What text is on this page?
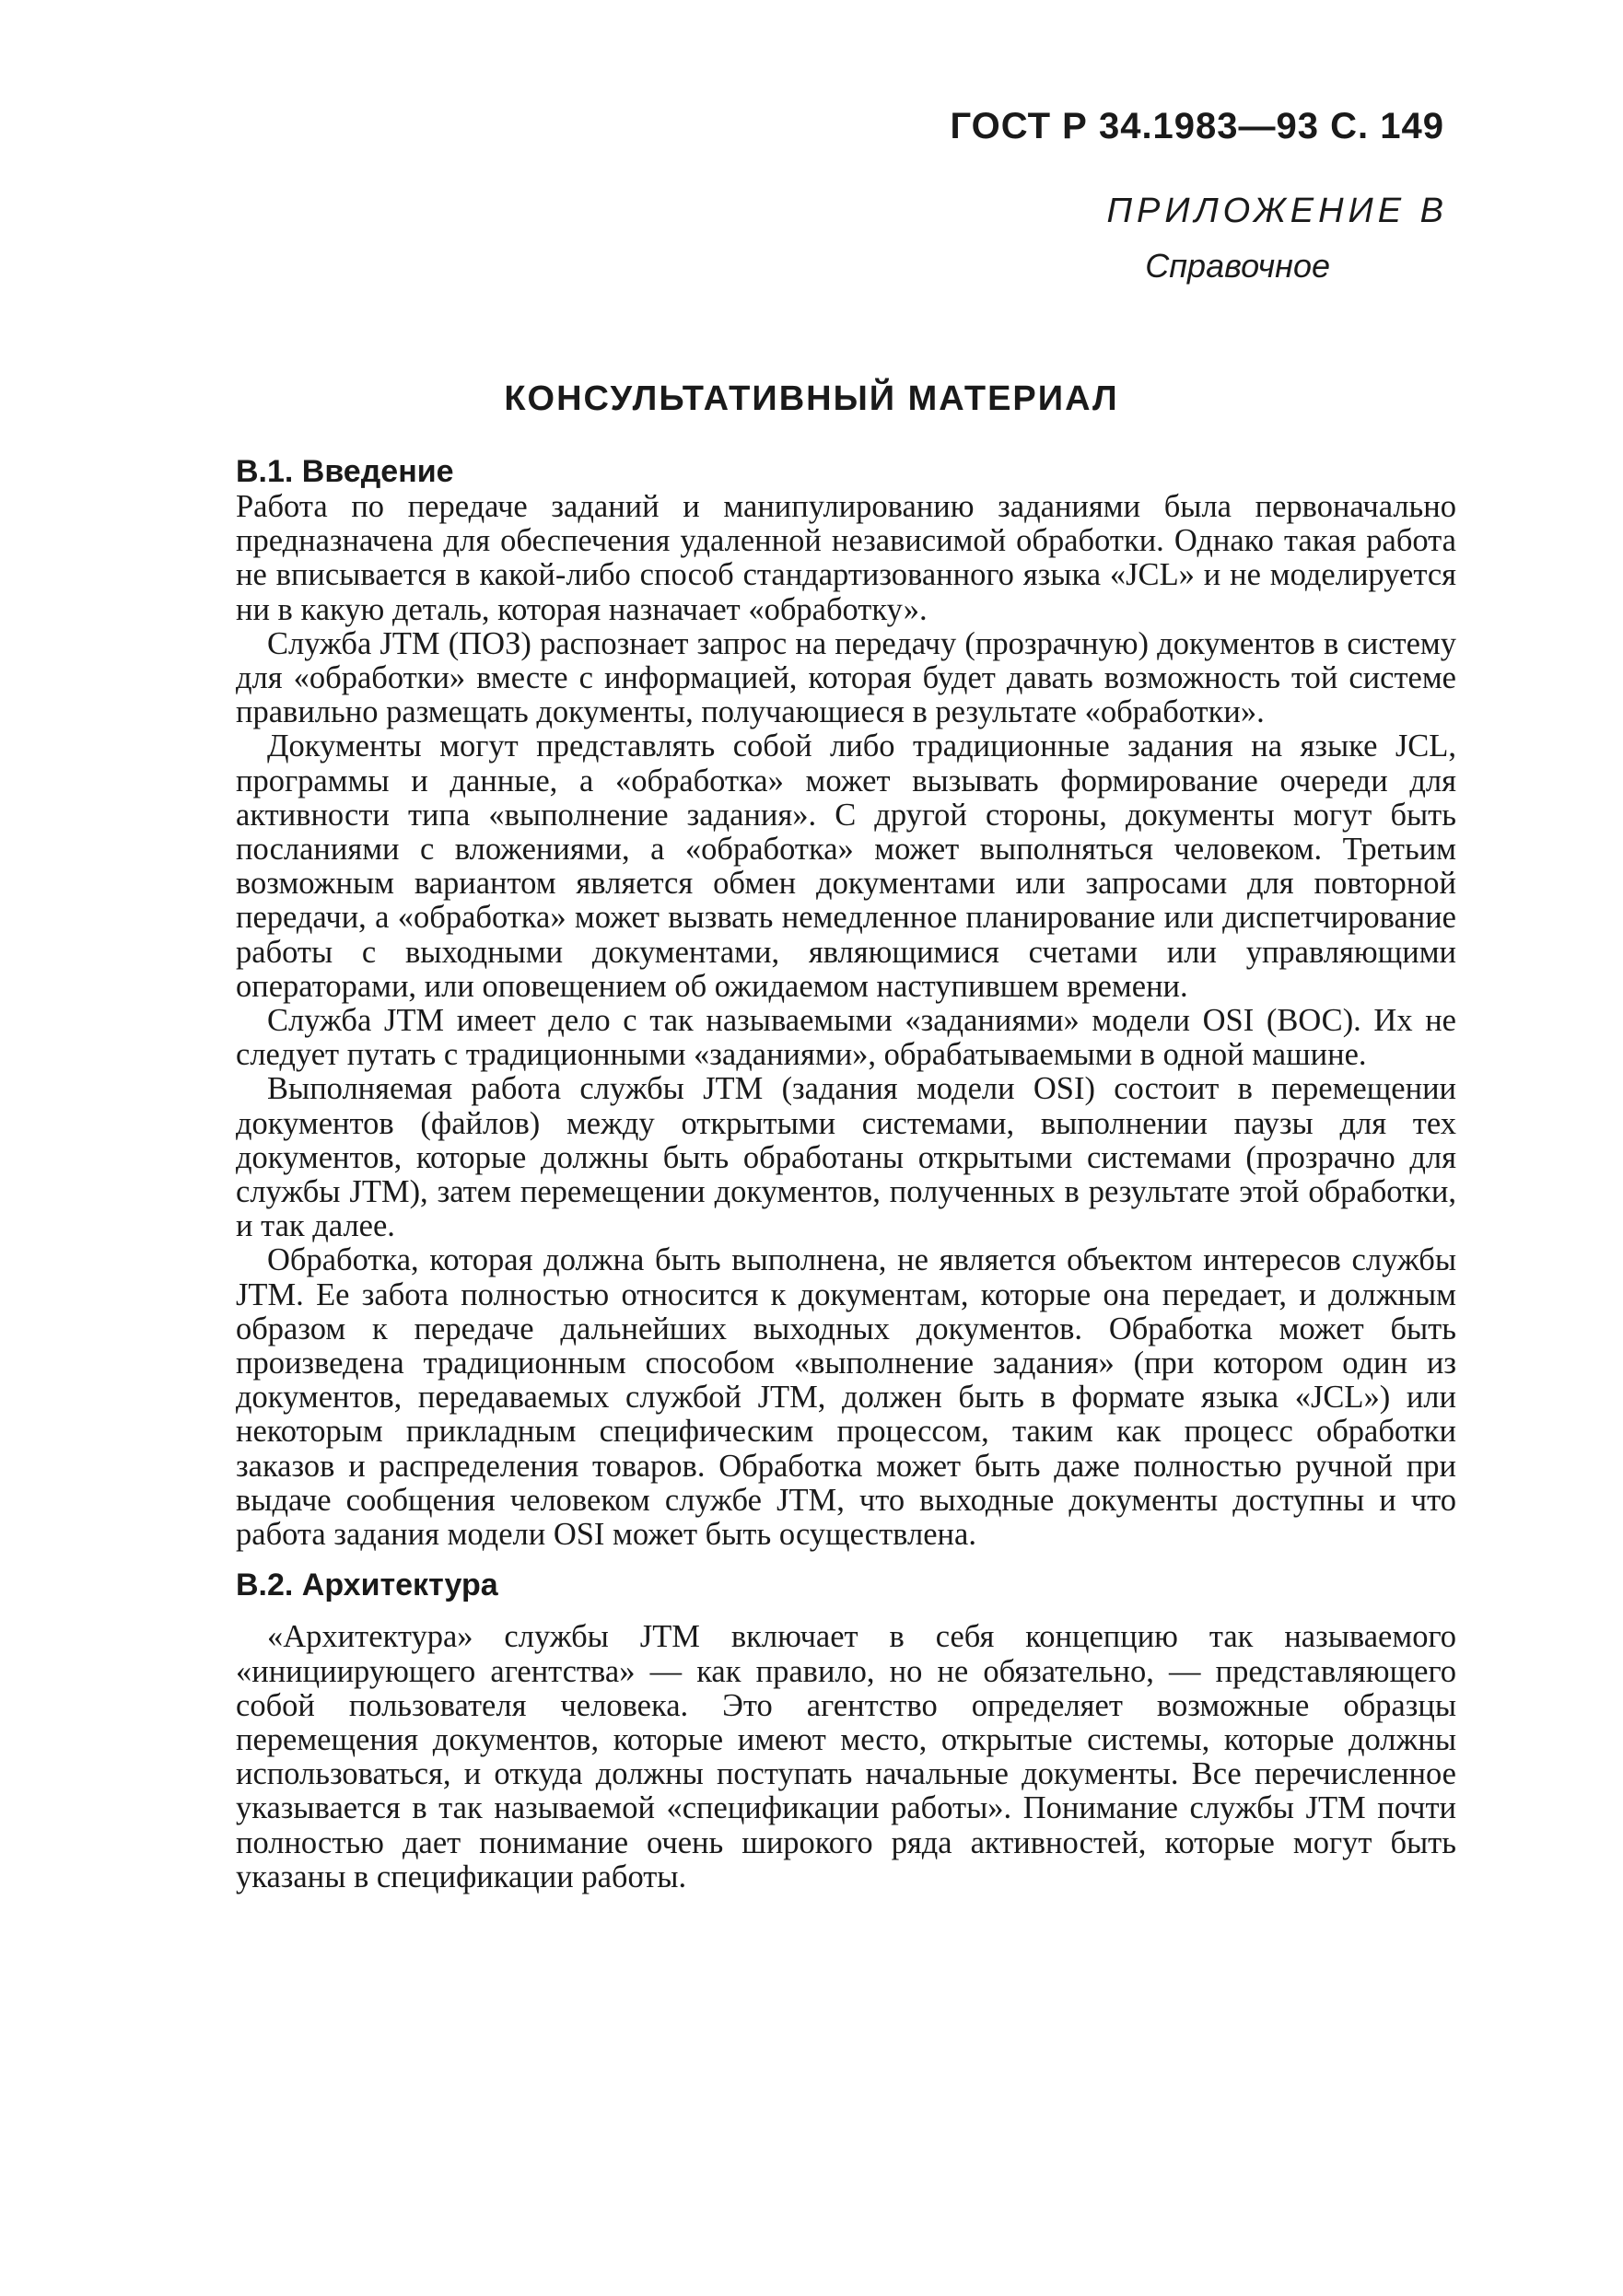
ГОСТ Р 34.1983—93 С. 149
ПРИЛОЖЕНИЕ В
Справочное
КОНСУЛЬТАТИВНЫЙ МАТЕРИАЛ
В.1. Введение

Работа по передаче заданий и манипулированию заданиями была первоначально предназначена для обеспечения удаленной независимой обработки. Однако такая работа не вписывается в какой-либо способ стандартизованного языка «JCL» и не моделируется ни в какую деталь, которая назначает «обработку».

Служба JTM (ПОЗ) распознает запрос на передачу (прозрачную) документов в систему для «обработки» вместе с информацией, которая будет давать возможность той системе правильно размещать документы, получающиеся в результате «обработки».

Документы могут представлять собой либо традиционные задания на языке JCL, программы и данные, а «обработка» может вызывать формирование очереди для активности типа «выполнение задания». С другой стороны, документы могут быть посланиями с вложениями, а «обработка» может выполняться человеком. Третьим возможным вариантом является обмен документами или запросами для повторной передачи, а «обработка» может вызвать немедленное планирование или диспетчирование работы с выходными документами, являющимися счетами или управляющими операторами, или оповещением об ожидаемом наступившем времени.

Служба JTM имеет дело с так называемыми «заданиями» модели OSI (ВОС). Их не следует путать с традиционными «заданиями», обрабатываемыми в одной машине.

Выполняемая работа службы JTM (задания модели OSI) состоит в перемещении документов (файлов) между открытыми системами, выполнении паузы для тех документов, которые должны быть обработаны открытыми системами (прозрачно для службы JTM), затем перемещении документов, полученных в результате этой обработки, и так далее.

Обработка, которая должна быть выполнена, не является объектом интересов службы JTM. Ее забота полностью относится к документам, которые она передает, и должным образом к передаче дальнейших выходных документов. Обработка может быть произведена традиционным способом «выполнение задания» (при котором один из документов, передаваемых службой JTM, должен быть в формате языка «JCL») или некоторым прикладным специфическим процессом, таким как процесс обработки заказов и распределения товаров. Обработка может быть даже полностью ручной при выдаче сообщения человеком службе JTM, что выходные документы доступны и что работа задания модели OSI может быть осуществлена.

В.2. Архитектура

«Архитектура» службы JTM включает в себя концепцию так называемого «инициирующего агентства» — как правило, но не обязательно, — представляющего собой пользователя человека. Это агентство определяет возможные образцы перемещения документов, которые имеют место, открытые системы, которые должны использоваться, и откуда должны поступать начальные документы. Все перечисленное указывается в так называемой «спецификации работы». Понимание службы JTM почти полностью дает понимание очень широкого ряда активностей, которые могут быть указаны в спецификации работы.
